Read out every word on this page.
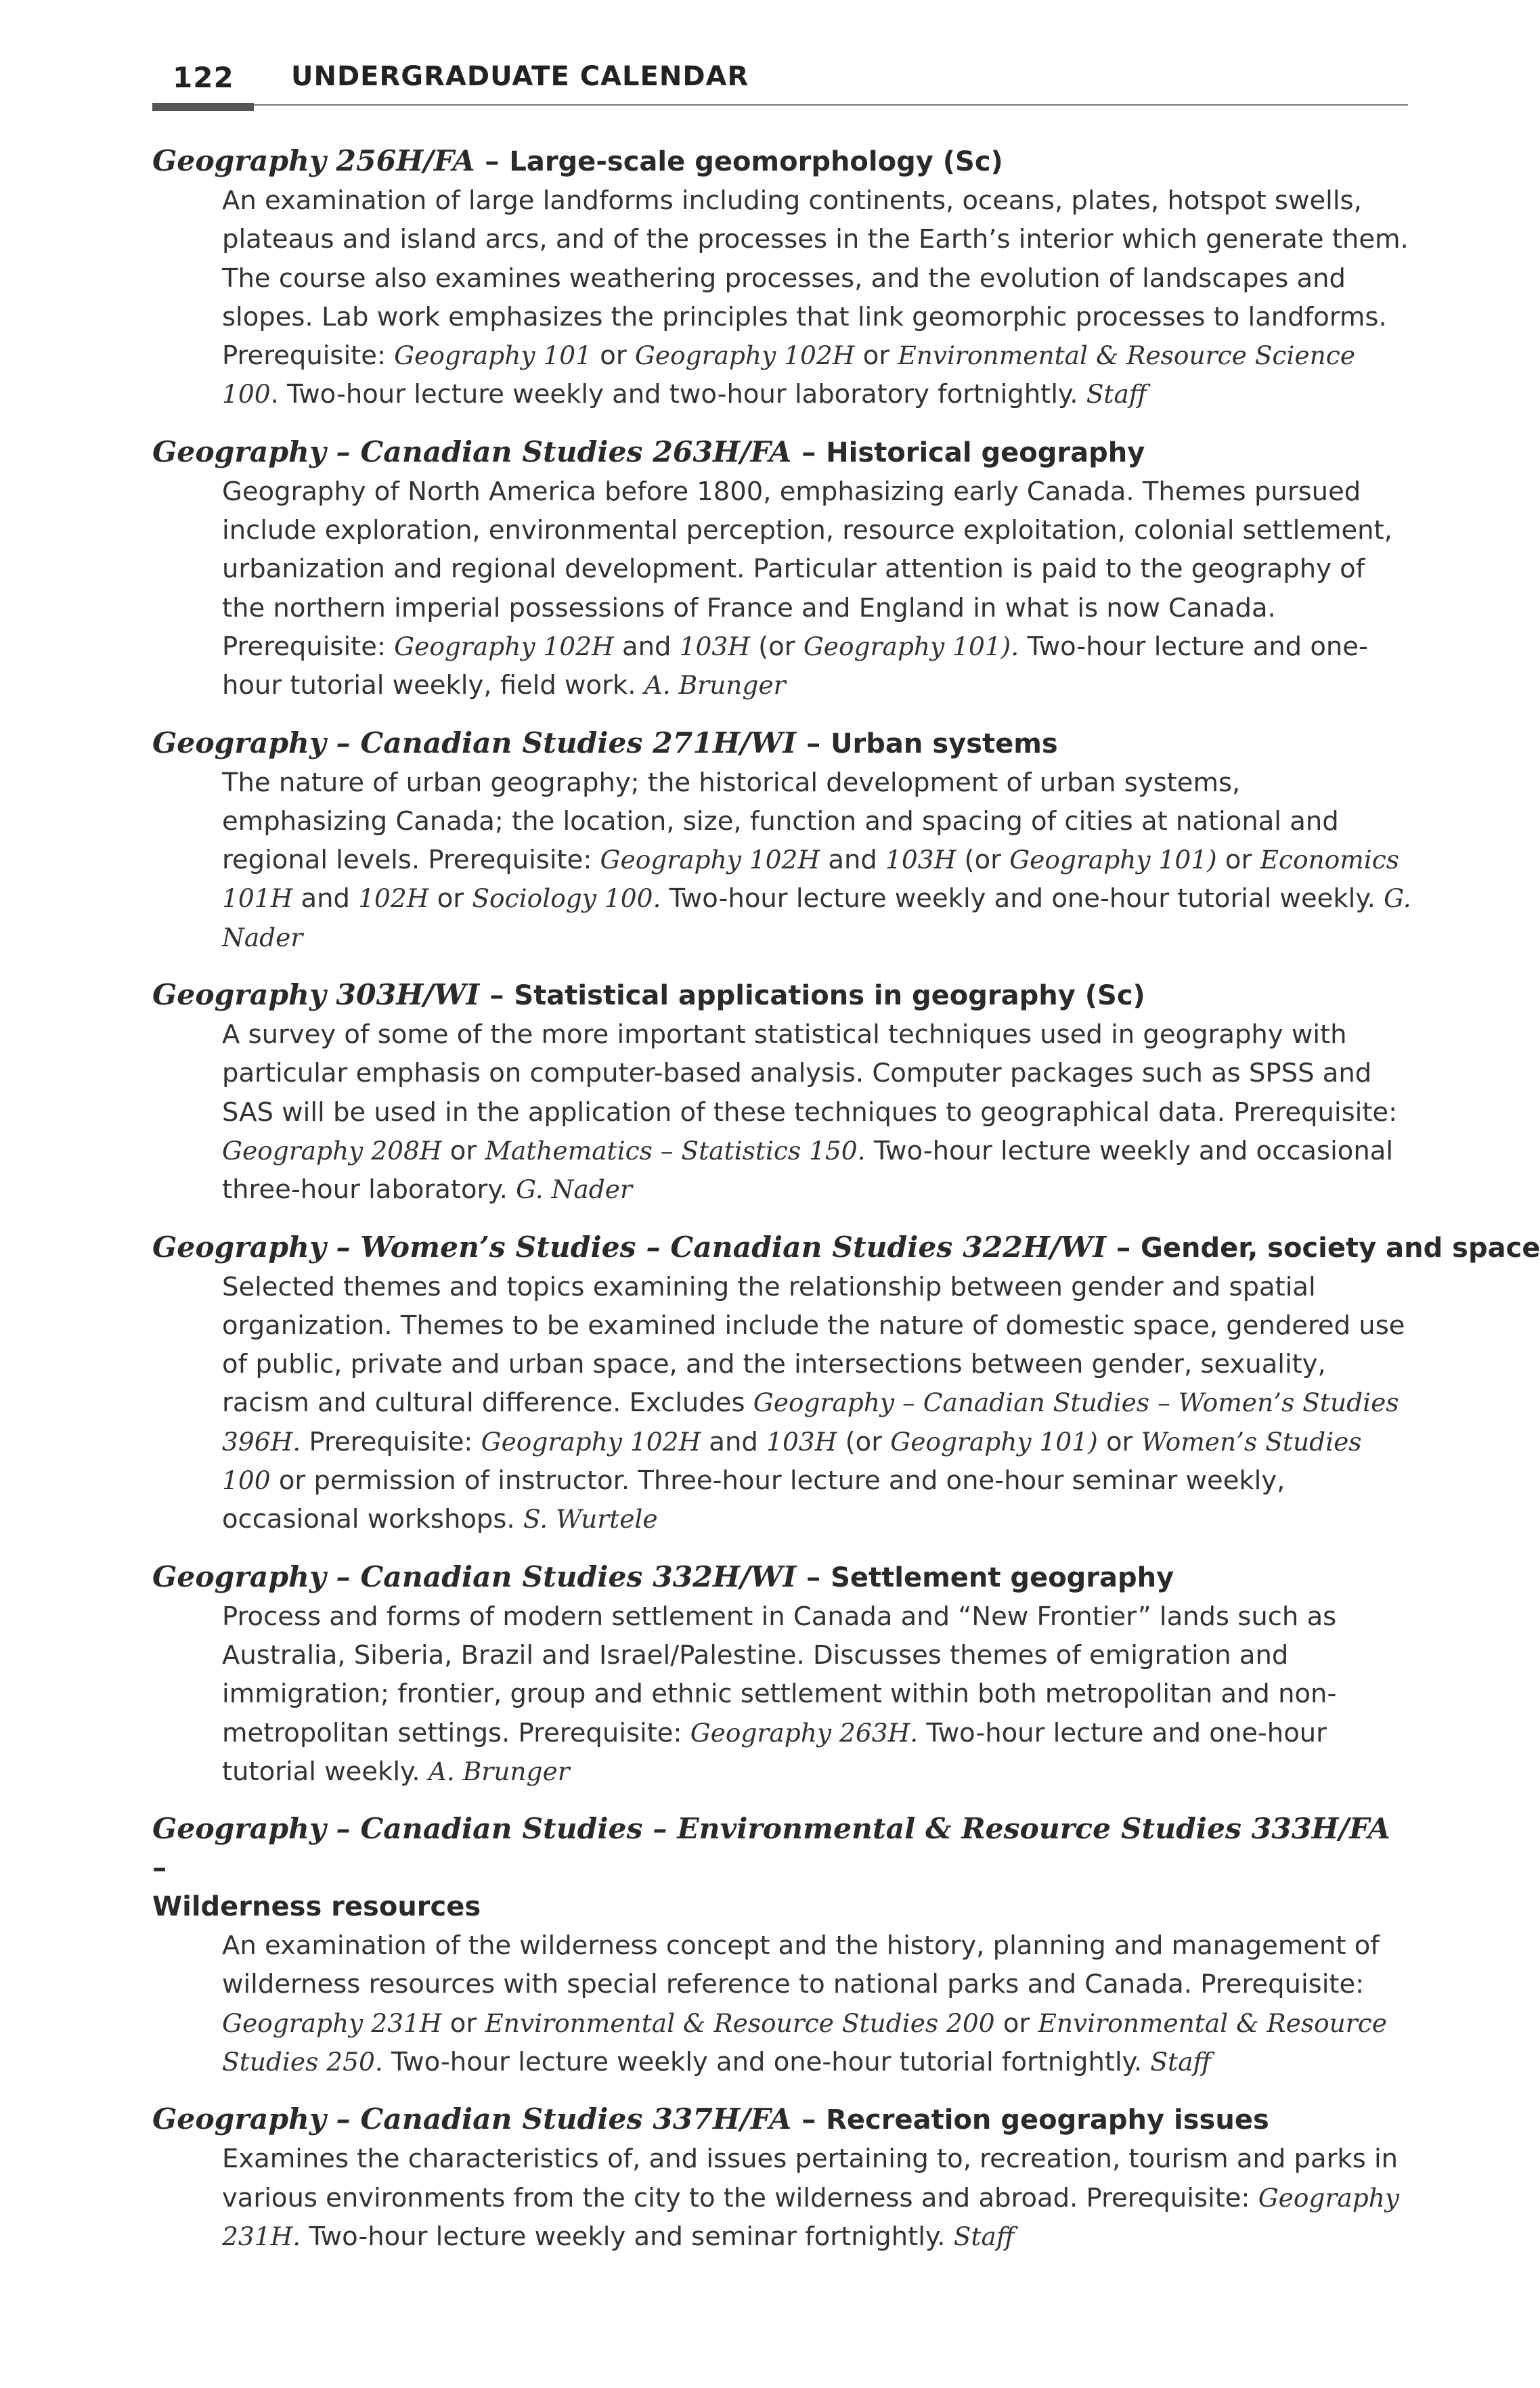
122 UNDERGRADUATE CALENDAR
Geography 256H/FA – Large-scale geomorphology (Sc)
An examination of large landforms including continents, oceans, plates, hotspot swells, plateaus and island arcs, and of the processes in the Earth’s interior which generate them. The course also examines weathering processes, and the evolution of landscapes and slopes. Lab work emphasizes the principles that link geomorphic processes to landforms. Prerequisite: Geography 101 or Geography 102H or Environmental & Resource Science 100. Two-hour lecture weekly and two-hour laboratory fortnightly. Staff
Geography – Canadian Studies 263H/FA – Historical geography
Geography of North America before 1800, emphasizing early Canada. Themes pursued include exploration, environmental perception, resource exploitation, colonial settlement, urbanization and regional development. Particular attention is paid to the geography of the northern imperial possessions of France and England in what is now Canada. Prerequisite: Geography 102H and 103H (or Geography 101). Two-hour lecture and one-hour tutorial weekly, field work. A. Brunger
Geography – Canadian Studies 271H/WI – Urban systems
The nature of urban geography; the historical development of urban systems, emphasizing Canada; the location, size, function and spacing of cities at national and regional levels. Prerequisite: Geography 102H and 103H (or Geography 101) or Economics 101H and 102H or Sociology 100. Two-hour lecture weekly and one-hour tutorial weekly. G. Nader
Geography 303H/WI – Statistical applications in geography (Sc)
A survey of some of the more important statistical techniques used in geography with particular emphasis on computer-based analysis. Computer packages such as SPSS and SAS will be used in the application of these techniques to geographical data. Prerequisite: Geography 208H or Mathematics – Statistics 150. Two-hour lecture weekly and occasional three-hour laboratory. G. Nader
Geography – Women’s Studies – Canadian Studies 322H/WI – Gender, society and space
Selected themes and topics examining the relationship between gender and spatial organization. Themes to be examined include the nature of domestic space, gendered use of public, private and urban space, and the intersections between gender, sexuality, racism and cultural difference. Excludes Geography – Canadian Studies – Women’s Studies 396H. Prerequisite: Geography 102H and 103H (or Geography 101) or Women’s Studies 100 or permission of instructor. Three-hour lecture and one-hour seminar weekly, occasional workshops. S. Wurtele
Geography – Canadian Studies 332H/WI – Settlement geography
Process and forms of modern settlement in Canada and “New Frontier” lands such as Australia, Siberia, Brazil and Israel/Palestine. Discusses themes of emigration and immigration; frontier, group and ethnic settlement within both metropolitan and non-metropolitan settings. Prerequisite: Geography 263H. Two-hour lecture and one-hour tutorial weekly. A. Brunger
Geography – Canadian Studies – Environmental & Resource Studies 333H/FA –
Wilderness resources
An examination of the wilderness concept and the history, planning and management of wilderness resources with special reference to national parks and Canada. Prerequisite: Geography 231H or Environmental & Resource Studies 200 or Environmental & Resource Studies 250. Two-hour lecture weekly and one-hour tutorial fortnightly. Staff
Geography – Canadian Studies 337H/FA – Recreation geography issues
Examines the characteristics of, and issues pertaining to, recreation, tourism and parks in various environments from the city to the wilderness and abroad. Prerequisite: Geography 231H. Two-hour lecture weekly and seminar fortnightly. Staff
